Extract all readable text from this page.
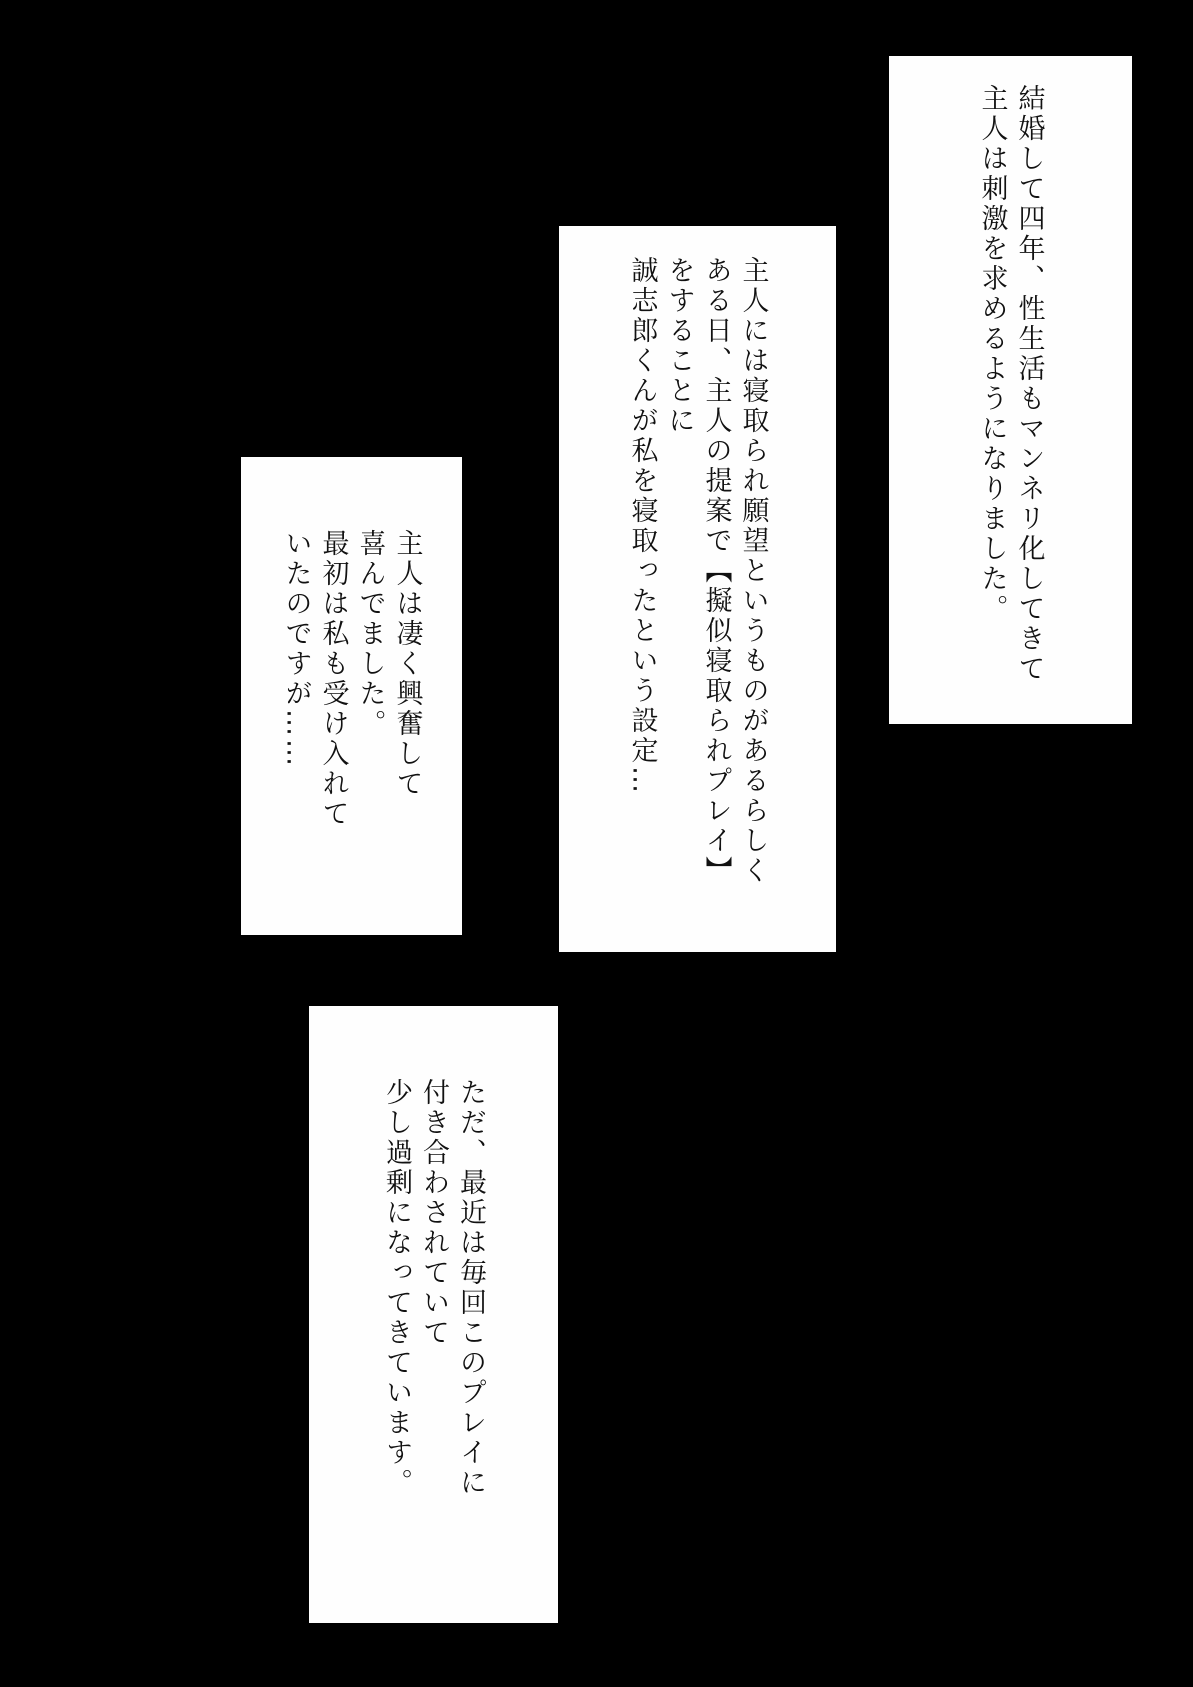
結婚して四年、性生活もマンネリ化してきて

主人は刺激を求めるようになりました。

主人には寝取られ願望というものがあるらしく

ある日、主人の提案で【擬似寝取られプレイ】

をすることに

誠志郎くんが私を寝取ったという設定…

主人は凄く興奮して

喜んでました。

最初は私も受け入れて

いたのですが……

ただ、最近は毎回このプレイに

付き合わされていて

少し過剰になってきています。
